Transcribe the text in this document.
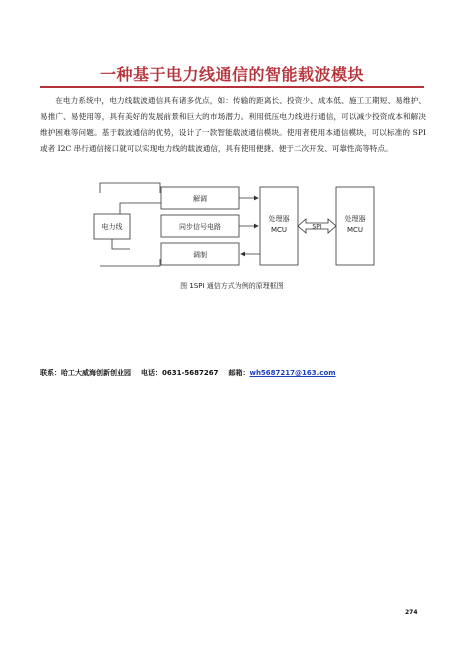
一种基于电力线通信的智能载波模块

在电力系统中，电力线载波通信具有诸多优点，如：传输的距离长、投资少、成本低、施工工期短、易维护、易推广、易使用等，具有美好的发展前景和巨大的市场潜力。利用低压电力线进行通信，可以减少投资成本和解决维护困难等问题。基于载波通信的优势，设计了一款智能载波通信模块。使用者使用本通信模块，可以标准的 SPI 或者 I2C 串行通信接口就可以实现电力线的载波通信，具有使用便捷、便于二次开发、可靠性高等特点。

电力线
解调
同步信号电路
调制
处理器
MCU	SPI
处理器
MCU
图 1SPI 通信方式为例的原理框图
联系：哈工大威海创新创业园 电话：0631-5687267 邮箱：wh5687217@163.com
274
